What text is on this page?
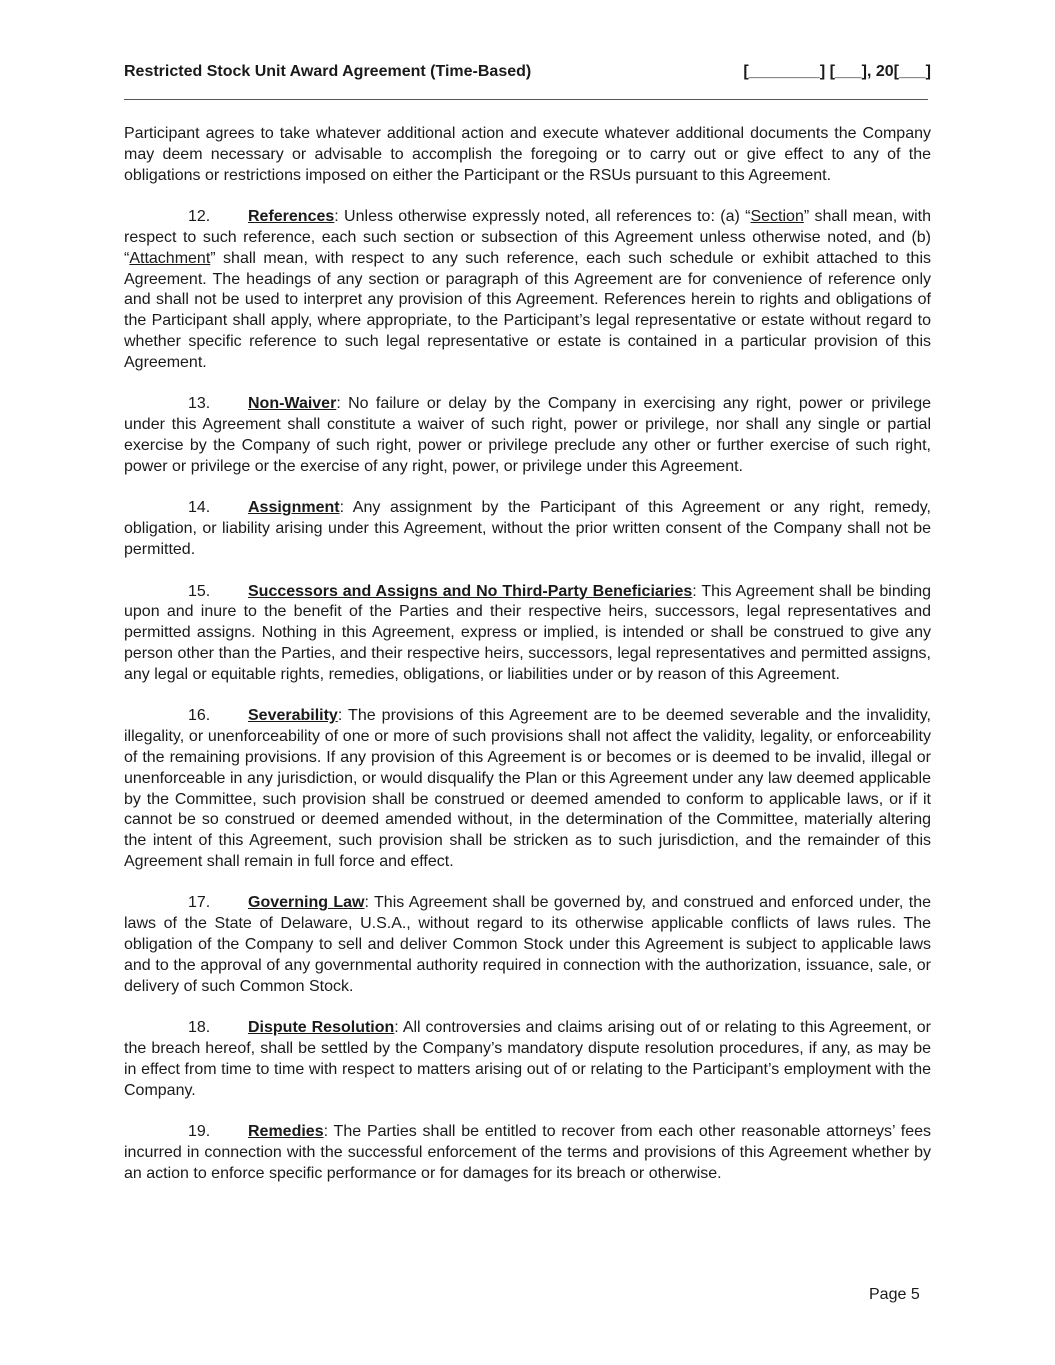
Restricted Stock Unit Award Agreement (Time-Based)	[________] [___], 20[___]

Participant agrees to take whatever additional action and execute whatever additional documents the Company may deem necessary or advisable to accomplish the foregoing or to carry out or give effect to any of the obligations or restrictions imposed on either the Participant or the RSUs pursuant to this Agreement.

12. References: Unless otherwise expressly noted, all references to: (a) “Section” shall mean, with respect to such reference, each such section or subsection of this Agreement unless otherwise noted, and (b) “Attachment” shall mean, with respect to any such reference, each such schedule or exhibit attached to this Agreement. The headings of any section or paragraph of this Agreement are for convenience of reference only and shall not be used to interpret any provision of this Agreement. References herein to rights and obligations of the Participant shall apply, where appropriate, to the Participant’s legal representative or estate without regard to whether specific reference to such legal representative or estate is contained in a particular provision of this Agreement.

13. Non-Waiver: No failure or delay by the Company in exercising any right, power or privilege under this Agreement shall constitute a waiver of such right, power or privilege, nor shall any single or partial exercise by the Company of such right, power or privilege preclude any other or further exercise of such right, power or privilege or the exercise of any right, power, or privilege under this Agreement.

14. Assignment: Any assignment by the Participant of this Agreement or any right, remedy, obligation, or liability arising under this Agreement, without the prior written consent of the Company shall not be permitted.

15. Successors and Assigns and No Third-Party Beneficiaries: This Agreement shall be binding upon and inure to the benefit of the Parties and their respective heirs, successors, legal representatives and permitted assigns. Nothing in this Agreement, express or implied, is intended or shall be construed to give any person other than the Parties, and their respective heirs, successors, legal representatives and permitted assigns, any legal or equitable rights, remedies, obligations, or liabilities under or by reason of this Agreement.

16. Severability: The provisions of this Agreement are to be deemed severable and the invalidity, illegality, or unenforceability of one or more of such provisions shall not affect the validity, legality, or enforceability of the remaining provisions. If any provision of this Agreement is or becomes or is deemed to be invalid, illegal or unenforceable in any jurisdiction, or would disqualify the Plan or this Agreement under any law deemed applicable by the Committee, such provision shall be construed or deemed amended to conform to applicable laws, or if it cannot be so construed or deemed amended without, in the determination of the Committee, materially altering the intent of this Agreement, such provision shall be stricken as to such jurisdiction, and the remainder of this Agreement shall remain in full force and effect.

17. Governing Law: This Agreement shall be governed by, and construed and enforced under, the laws of the State of Delaware, U.S.A., without regard to its otherwise applicable conflicts of laws rules. The obligation of the Company to sell and deliver Common Stock under this Agreement is subject to applicable laws and to the approval of any governmental authority required in connection with the authorization, issuance, sale, or delivery of such Common Stock.

18. Dispute Resolution: All controversies and claims arising out of or relating to this Agreement, or the breach hereof, shall be settled by the Company’s mandatory dispute resolution procedures, if any, as may be in effect from time to time with respect to matters arising out of or relating to the Participant’s employment with the Company.

19. Remedies: The Parties shall be entitled to recover from each other reasonable attorneys’ fees incurred in connection with the successful enforcement of the terms and provisions of this Agreement whether by an action to enforce specific performance or for damages for its breach or otherwise.

Page 5
